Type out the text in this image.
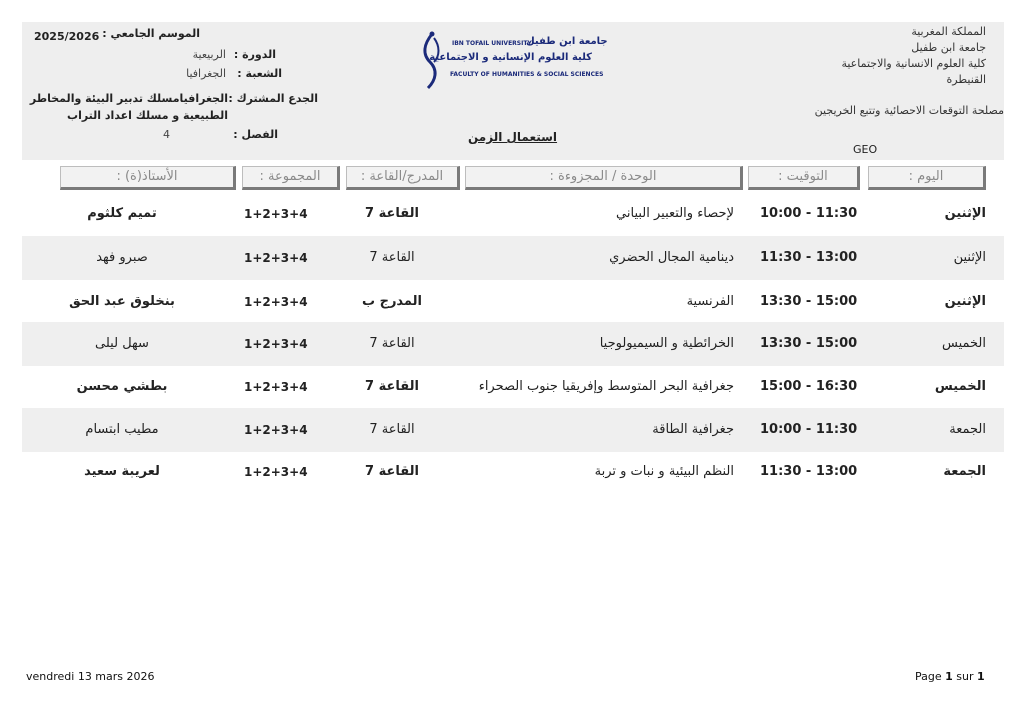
المملكة المغربية
جامعة ابن طفيل
كلية العلوم الانسانية والاجتماعية
القنيطرة
مصلحة التوقعات الاحصائية وتتبع الخريجين
GEO
IBN TOFAIL UNIVERSITY
جامعة ابن طفيل
كلية العلوم الإنسانية و الاجتماعية
FACULTY OF HUMANITIES & SOCIAL SCIENCES
2025/2026 الموسم الجامعي :
الدورة :
الربيعية
الشعبة :
الجغرافيا
الجدع المشترك :
الجغرافيامسلك تدبير البيئة والمخاطر
الطبيعية و مسلك اعداد التراب
الفصل :
4	استعمال الزمن
اليوم :
التوقيت :
الوحدة / المجزوءة :
المدرج/القاعة :
المجموعة :
الأستاذ(ة) :
الإثنين
10:00 - 11:30
لإحصاء والتعبير البياني
القاعة 7
1+2+3+4
تميم كلثوم
الإثنين
11:30 - 13:00
دينامية المجال الحضري
القاعة 7
1+2+3+4
صبرو فهد
الإثنين
13:30 - 15:00
الفرنسية
المدرج ب
1+2+3+4
بنخلوق عبد الحق
الخميس
13:30 - 15:00
الخرائطية و السيميولوجيا
القاعة 7
1+2+3+4
سهل ليلى
الخميس
15:00 - 16:30
جغرافية البحر المتوسط وإفريقيا جنوب الصحراء
القاعة 7
1+2+3+4
بطشي محسن
الجمعة
10:00 - 11:30
جغرافية الطاقة
القاعة 7
1+2+3+4
مطيب ابتسام
الجمعة
11:30 - 13:00
النظم البيئية و نبات و تربة
القاعة 7
1+2+3+4
لعريبة سعيد
vendredi 13 mars 2026	Page 1 sur 1
